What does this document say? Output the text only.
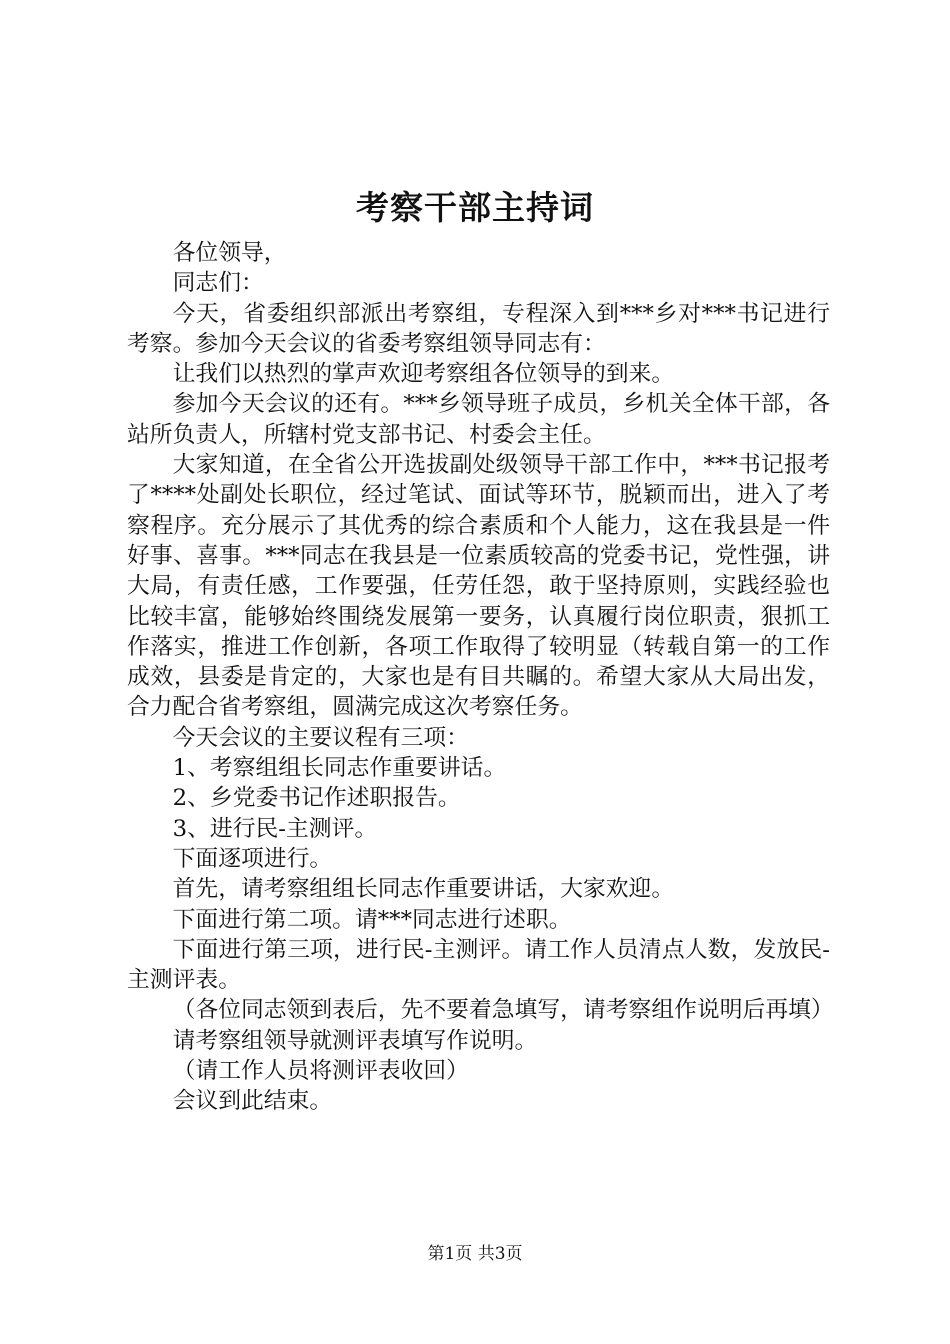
考察干部主持词

各位领导，

同志们：

今天，省委组织部派出考察组，专程深入到***乡对***书记进行考察。参加今天会议的省委考察组领导同志有：

让我们以热烈的掌声欢迎考察组各位领导的到来。

参加今天会议的还有。***乡领导班子成员，乡机关全体干部，各站所负责人，所辖村党支部书记、村委会主任。

大家知道，在全省公开选拔副处级领导干部工作中，***书记报考了****处副处长职位，经过笔试、面试等环节，脱颖而出，进入了考察程序。充分展示了其优秀的综合素质和个人能力，这在我县是一件好事、喜事。***同志在我县是一位素质较高的党委书记，党性强，讲大局，有责任感，工作要强，任劳任怨，敢于坚持原则，实践经验也比较丰富，能够始终围绕发展第一要务，认真履行岗位职责，狠抓工作落实，推进工作创新，各项工作取得了较明显（转载自第一的工作成效，县委是肯定的，大家也是有目共瞩的。希望大家从大局出发，合力配合省考察组，圆满完成这次考察任务。

今天会议的主要议程有三项：

1、考察组组长同志作重要讲话。

2、乡党委书记作述职报告。

3、进行民-主测评。

下面逐项进行。

首先，请考察组组长同志作重要讲话，大家欢迎。

下面进行第二项。请***同志进行述职。

下面进行第三项，进行民-主测评。请工作人员清点人数，发放民-主测评表。

（各位同志领到表后，先不要着急填写，请考察组作说明后再填）

请考察组领导就测评表填写作说明。

（请工作人员将测评表收回）

会议到此结束。

第1页 共3页
